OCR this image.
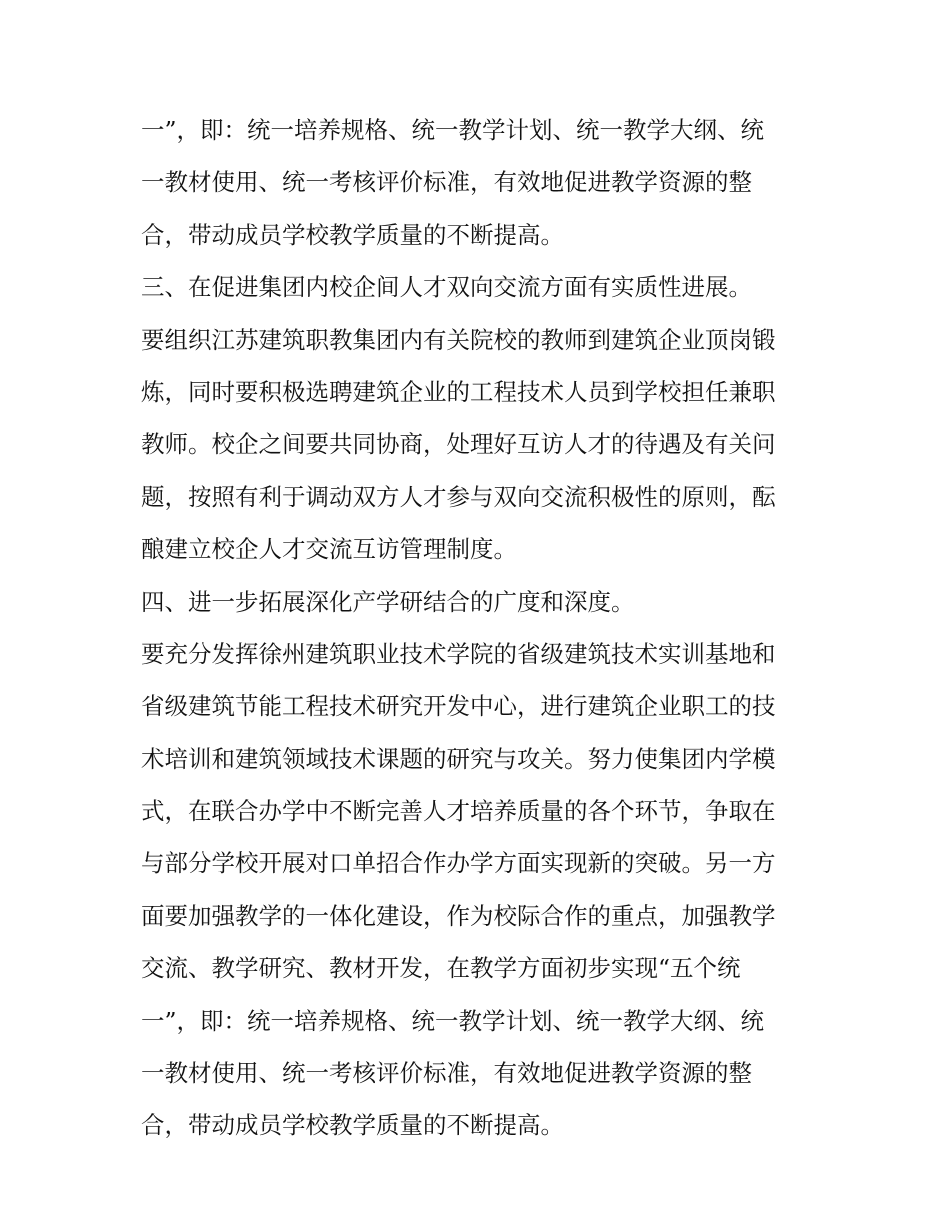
一”，即：统一培养规格、统一教学计划、统一教学大纲、统
一教材使用、统一考核评价标准，有效地促进教学资源的整
合，带动成员学校教学质量的不断提高。
三、在促进集团内校企间人才双向交流方面有实质性进展。
要组织江苏建筑职教集团内有关院校的教师到建筑企业顶岗锻
炼，同时要积极选聘建筑企业的工程技术人员到学校担任兼职
教师。校企之间要共同协商，处理好互访人才的待遇及有关问
题，按照有利于调动双方人才参与双向交流积极性的原则，酝
酿建立校企人才交流互访管理制度。
四、进一步拓展深化产学研结合的广度和深度。
要充分发挥徐州建筑职业技术学院的省级建筑技术实训基地和
省级建筑节能工程技术研究开发中心，进行建筑企业职工的技
术培训和建筑领域技术课题的研究与攻关。努力使集团内学模
式，在联合办学中不断完善人才培养质量的各个环节，争取在
与部分学校开展对口单招合作办学方面实现新的突破。另一方
面要加强教学的一体化建设，作为校际合作的重点，加强教学
交流、教学研究、教材开发，在教学方面初步实现“五个统
一”，即：统一培养规格、统一教学计划、统一教学大纲、统
一教材使用、统一考核评价标准，有效地促进教学资源的整
合，带动成员学校教学质量的不断提高。
